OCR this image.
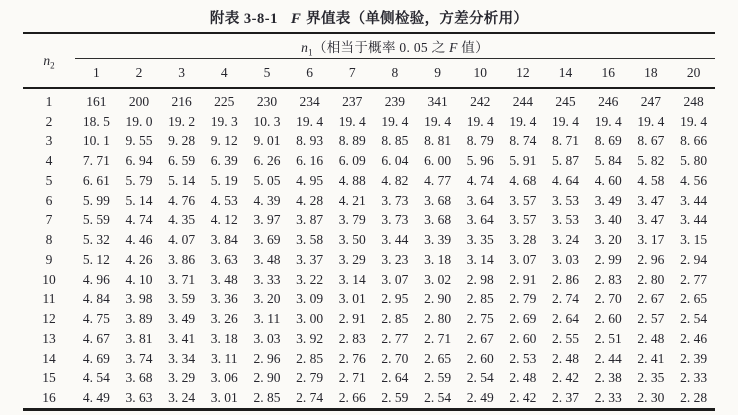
附表 3-8-1 F 界值表（单侧检验，方差分析用）
$n_2$	$n_1$（相当于概率 0. 05 之 F 值）														
	1	2	3	4	5	6	7	8	9	10	12	14	16	18	20
1	161	200	216	225	230	234	237	239	341	242	244	245	246	247	248
2	18. 5	19. 0	19. 2	19. 3	10. 3	19. 4	19. 4	19. 4	19. 4	19. 4	19. 4	19. 4	19. 4	19. 4	19. 4
3	10. 1	9. 55	9. 28	9. 12	9. 01	8. 93	8. 89	8. 85	8. 81	8. 79	8. 74	8. 71	8. 69	8. 67	8. 66
4	7. 71	6. 94	6. 59	6. 39	6. 26	6. 16	6. 09	6. 04	6. 00	5. 96	5. 91	5. 87	5. 84	5. 82	5. 80
5	6. 61	5. 79	5. 14	5. 19	5. 05	4. 95	4. 88	4. 82	4. 77	4. 74	4. 68	4. 64	4. 60	4. 58	4. 56
6	5. 99	5. 14	4. 76	4. 53	4. 39	4. 28	4. 21	3. 73	3. 68	3. 64	3. 57	3. 53	3. 49	3. 47	3. 44
7	5. 59	4. 74	4. 35	4. 12	3. 97	3. 87	3. 79	3. 73	3. 68	3. 64	3. 57	3. 53	3. 40	3. 47	3. 44
8	5. 32	4. 46	4. 07	3. 84	3. 69	3. 58	3. 50	3. 44	3. 39	3. 35	3. 28	3. 24	3. 20	3. 17	3. 15
9	5. 12	4. 26	3. 86	3. 63	3. 48	3. 37	3. 29	3. 23	3. 18	3. 14	3. 07	3. 03	2. 99	2. 96	2. 94
10	4. 96	4. 10	3. 71	3. 48	3. 33	3. 22	3. 14	3. 07	3. 02	2. 98	2. 91	2. 86	2. 83	2. 80	2. 77
11	4. 84	3. 98	3. 59	3. 36	3. 20	3. 09	3. 01	2. 95	2. 90	2. 85	2. 79	2. 74	2. 70	2. 67	2. 65
12	4. 75	3. 89	3. 49	3. 26	3. 11	3. 00	2. 91	2. 85	2. 80	2. 75	2. 69	2. 64	2. 60	2. 57	2. 54
13	4. 67	3. 81	3. 41	3. 18	3. 03	3. 92	2. 83	2. 77	2. 71	2. 67	2. 60	2. 55	2. 51	2. 48	2. 46
14	4. 69	3. 74	3. 34	3. 11	2. 96	2. 85	2. 76	2. 70	2. 65	2. 60	2. 53	2. 48	2. 44	2. 41	2. 39
15	4. 54	3. 68	3. 29	3. 06	2. 90	2. 79	2. 71	2. 64	2. 59	2. 54	2. 48	2. 42	2. 38	2. 35	2. 33
16	4. 49	3. 63	3. 24	3. 01	2. 85	2. 74	2. 66	2. 59	2. 54	2. 49	2. 42	2. 37	2. 33	2. 30	2. 28
